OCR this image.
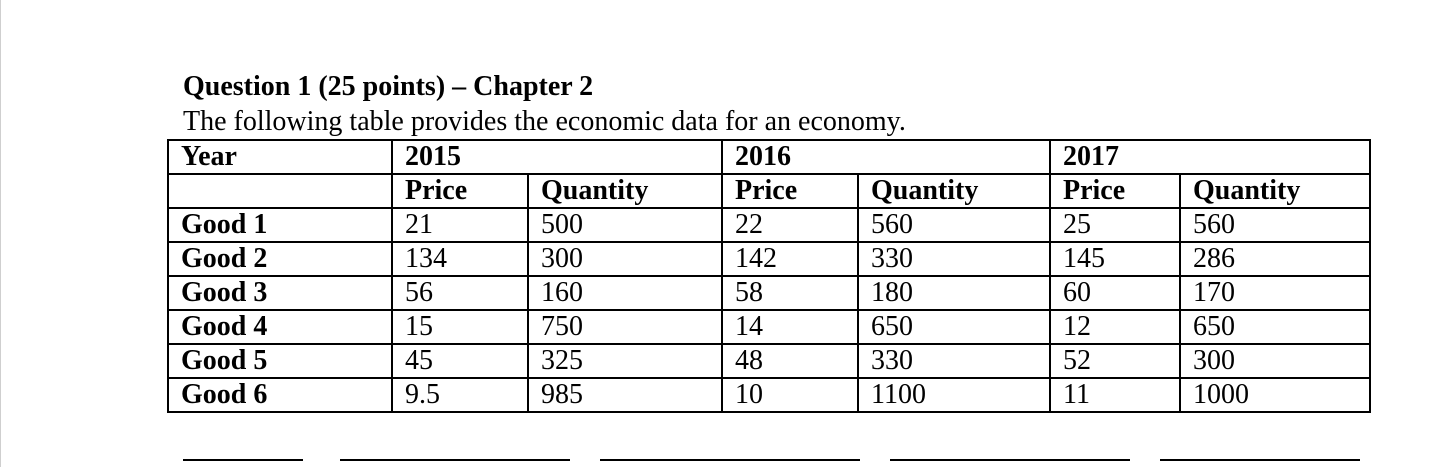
Question 1 (25 points) – Chapter 2
The following table provides the economic data for an economy.
Year	2015		2016		2017	
	Price	Quantity	Price	Quantity	Price	Quantity
Good 1	21	500	22	560	25	560
Good 2	134	300	142	330	145	286
Good 3	56	160	58	180	60	170
Good 4	15	750	14	650	12	650
Good 5	45	325	48	330	52	300
Good 6	9.5	985	10	1100	11	1000
